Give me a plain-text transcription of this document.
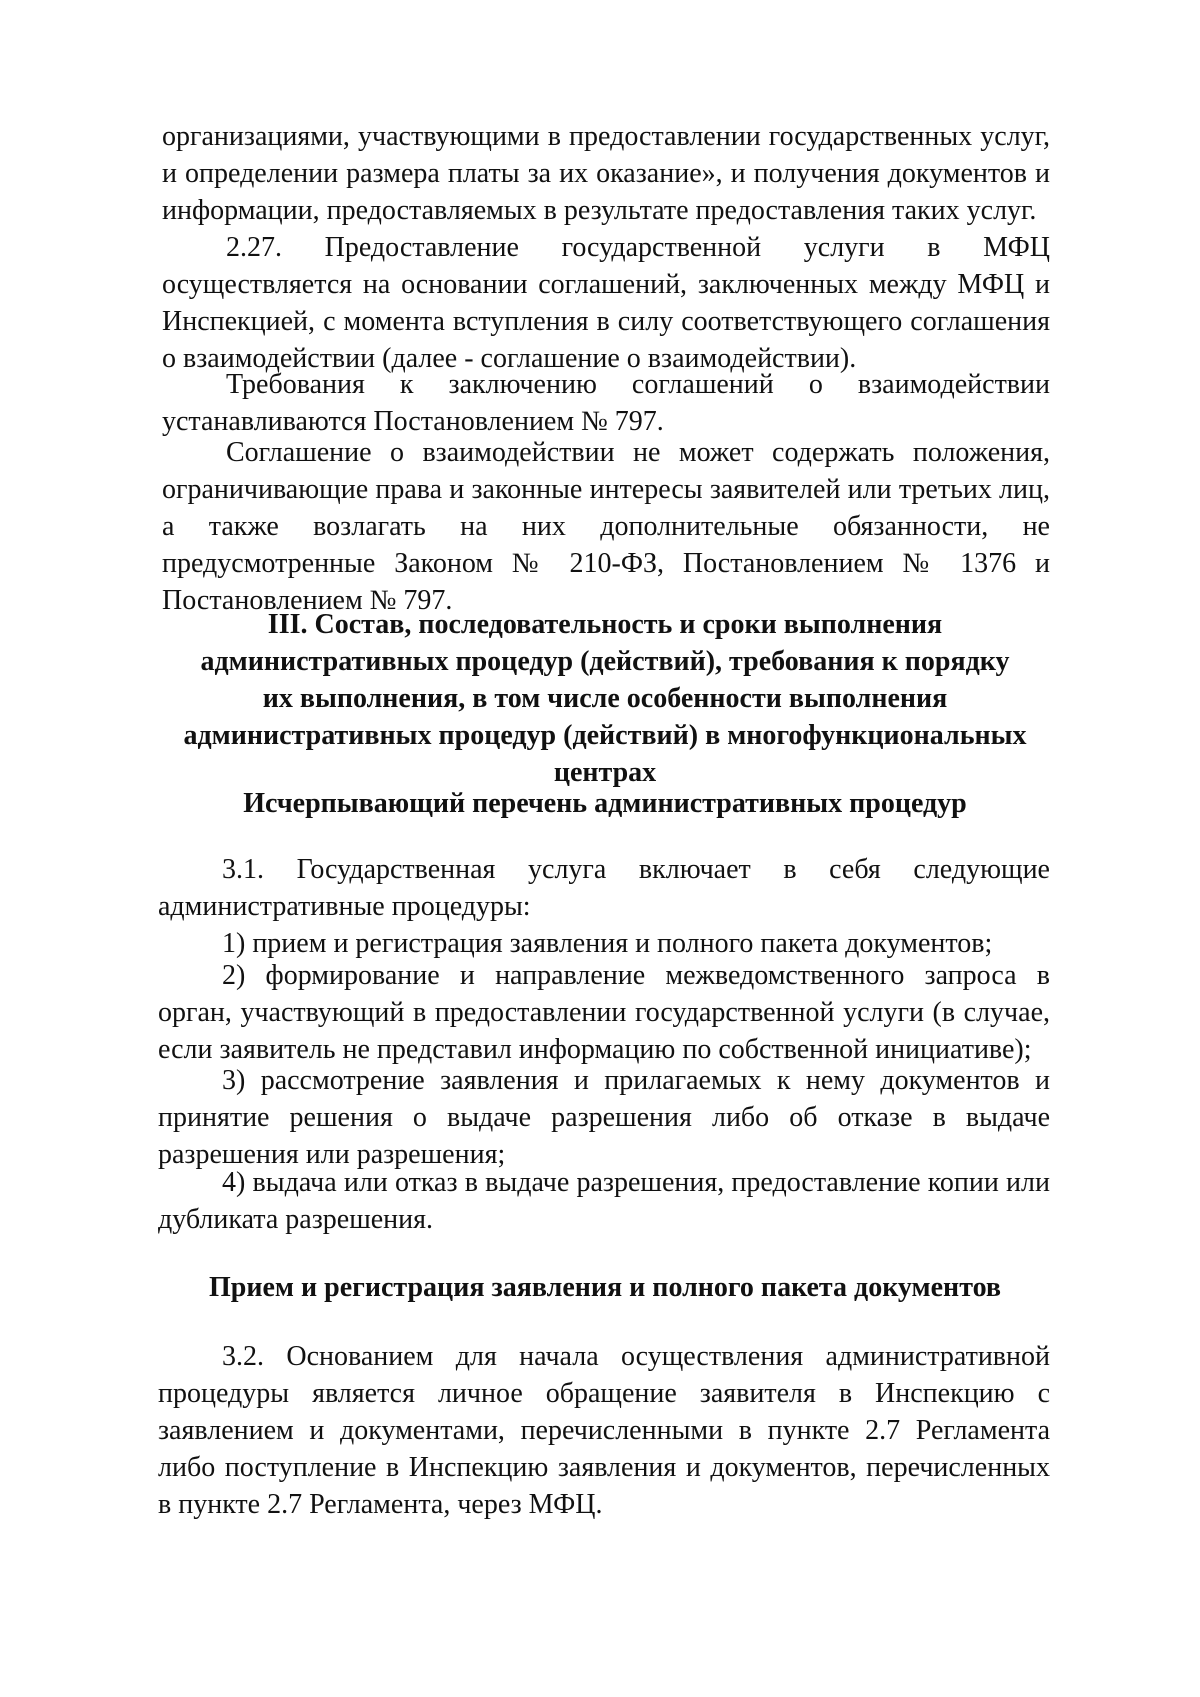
организациями, участвующими в предоставлении государственных услуг, и определении размера платы за их оказание», и получения документов и информации, предоставляемых в результате предоставления таких услуг.

2.27. Предоставление государственной услуги в МФЦ осуществляется на основании соглашений, заключенных между МФЦ и Инспекцией, с момента вступления в силу соответствующего соглашения о взаимодействии (далее - соглашение о взаимодействии).

Требования к заключению соглашений о взаимодействии устанавливаются Постановлением № 797.

Соглашение о взаимодействии не может содержать положения, ограничивающие права и законные интересы заявителей или третьих лиц, а также возлагать на них дополнительные обязанности, не предусмотренные Законом № 210-ФЗ, Постановлением № 1376 и Постановлением № 797.

III. Состав, последовательность и сроки выполнения
административных процедур (действий), требования к порядку
их выполнения, в том числе особенности выполнения
административных процедур (действий) в многофункциональных центрах
Исчерпывающий перечень административных процедур

3.1. Государственная услуга включает в себя следующие административные процедуры:

1) прием и регистрация заявления и полного пакета документов;

2) формирование и направление межведомственного запроса в орган, участвующий в предоставлении государственной услуги (в случае, если заявитель не представил информацию по собственной инициативе);

3) рассмотрение заявления и прилагаемых к нему документов и принятие решения о выдаче разрешения либо об отказе в выдаче разрешения или разрешения;

4) выдача или отказ в выдаче разрешения, предоставление копии или дубликата разрешения.

Прием и регистрация заявления и полного пакета документов

3.2. Основанием для начала осуществления административной процедуры является личное обращение заявителя в Инспекцию с заявлением и документами, перечисленными в пункте 2.7 Регламента либо поступление в Инспекцию заявления и документов, перечисленных в пункте 2.7 Регламента, через МФЦ.
